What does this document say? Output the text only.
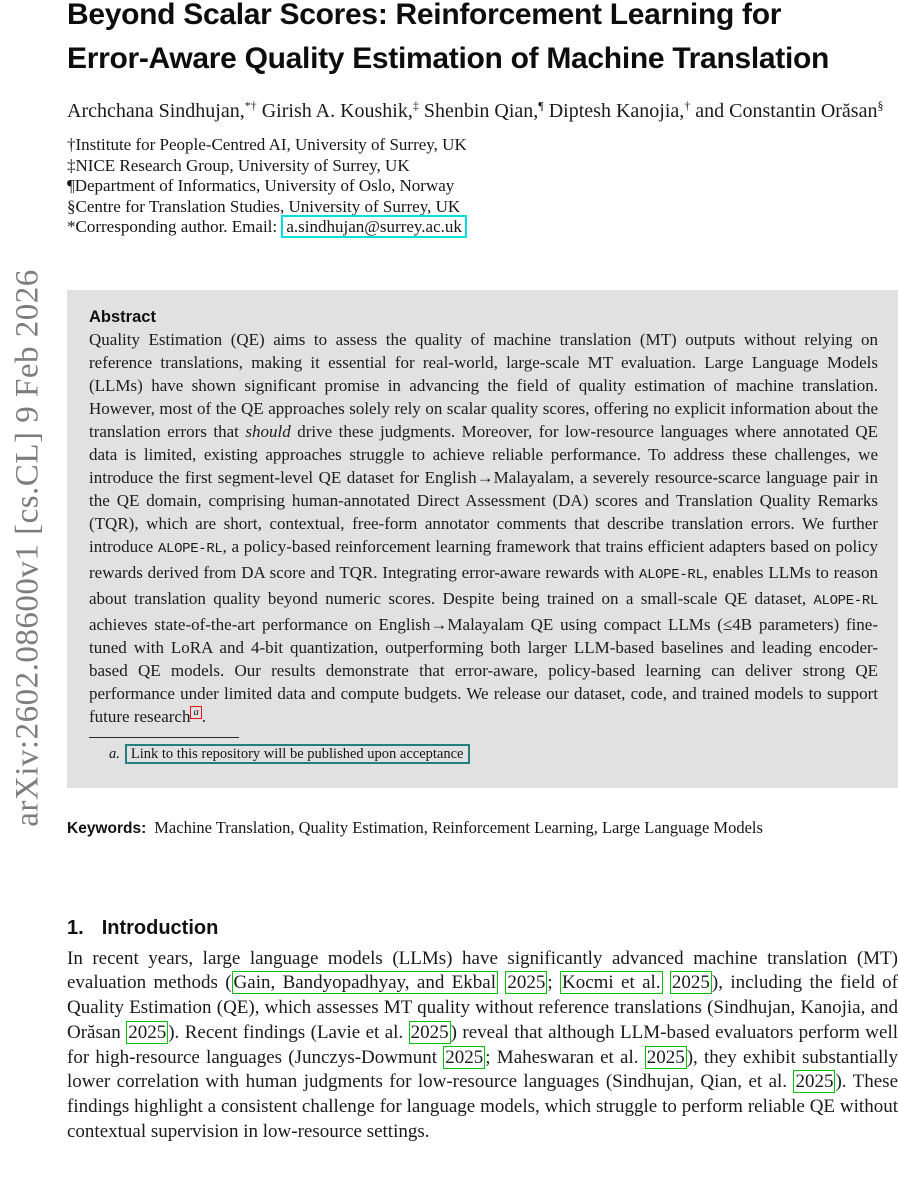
arXiv:2602.08600v1 [cs.CL] 9 Feb 2026
Beyond Scalar Scores: Reinforcement Learning for
Error-Aware Quality Estimation of Machine Translation
Archchana Sindhujan,*† Girish A. Koushik,‡ Shenbin Qian,¶ Diptesh Kanojia,† and Constantin Orăsan§
†Institute for People-Centred AI, University of Surrey, UK
‡NICE Research Group, University of Surrey, UK
¶Department of Informatics, University of Oslo, Norway
§Centre for Translation Studies, University of Surrey, UK
*Corresponding author. Email: a.sindhujan@surrey.ac.uk
Abstract
Quality Estimation (QE) aims to assess the quality of machine translation (MT) outputs without relying on reference translations, making it essential for real-world, large-scale MT evaluation. Large Language Models (LLMs) have shown significant promise in advancing the field of quality estimation of machine translation. However, most of the QE approaches solely rely on scalar quality scores, offering no explicit information about the translation errors that should drive these judgments. Moreover, for low-resource languages where annotated QE data is limited, existing approaches struggle to achieve reliable performance. To address these challenges, we introduce the first segment-level QE dataset for English→Malayalam, a severely resource-scarce language pair in the QE domain, comprising human-annotated Direct Assessment (DA) scores and Translation Quality Remarks (TQR), which are short, contextual, free-form annotator comments that describe translation errors. We further introduce ALOPE-RL, a policy-based reinforcement learning framework that trains efficient adapters based on policy rewards derived from DA score and TQR. Integrating error-aware rewards with ALOPE-RL, enables LLMs to reason about translation quality beyond numeric scores. Despite being trained on a small-scale QE dataset, ALOPE-RL achieves state-of-the-art performance on English→Malayalam QE using compact LLMs (≤4B parameters) fine-tuned with LoRA and 4-bit quantization, outperforming both larger LLM-based baselines and leading encoder-based QE models. Our results demonstrate that error-aware, policy-based learning can deliver strong QE performance under limited data and compute budgets. We release our dataset, code, and trained models to support future research $^a$ .
a. Link to this repository will be published upon acceptance
Keywords: Machine Translation, Quality Estimation, Reinforcement Learning, Large Language Models
1. Introduction

In recent years, large language models (LLMs) have significantly advanced machine translation (MT) evaluation methods ( Gain, Bandyopadhyay, and Ekbal 2025 ; Kocmi et al. 2025 ), including the field of Quality Estimation (QE), which assesses MT quality without reference translations (Sindhujan, Kanojia, and Orăsan 2025 ). Recent findings (Lavie et al. 2025 ) reveal that although LLM-based evaluators perform well for high-resource languages (Junczys-Dowmunt 2025 ; Maheswaran et al. 2025 ), they exhibit substantially lower correlation with human judgments for low-resource languages (Sindhujan, Qian, et al. 2025 ). These findings highlight a consistent challenge for language models, which struggle to perform reliable QE without contextual supervision in low-resource settings.
